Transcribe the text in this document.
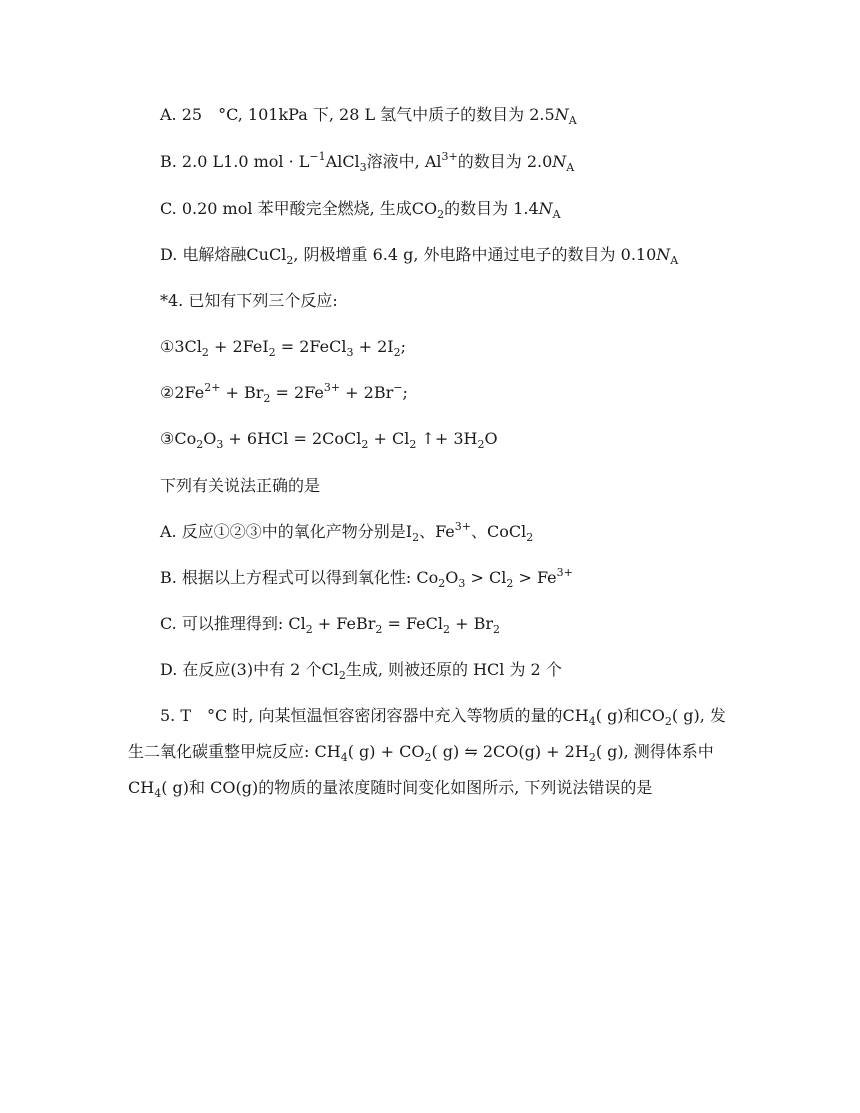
A. 25　°C, 101kPa 下, 28 L 氢气中质子的数目为 $2.5N_A$
B. 2.0 L1.0 mol · $L^{-1}AlCl_3$溶液中, $Al^{3+}$的数目为 $2.0N_A$
C. 0.20 mol 苯甲酸完全燃烧, 生成$CO_2$的数目为 $1.4N_A$
D. 电解熔融CuCl$_2$, 阴极增重 6.4 g, 外电路中通过电子的数目为 $0.10N_A$
*4. 已知有下列三个反应:
$①3Cl_2 + 2FeI_2$ = 2FeCl$_3$ + $2I_2$;
$②2Fe^{2+} + Br_2 = 2Fe^{3+} + 2Br^-$;
$③Co_2O_3 + 6HCl$ = 2CoCl$_2$ + $Cl_2$ ↑+ $3H_2O$
下列有关说法正确的是
A. 反应①②③中的氧化产物分别是$I_2$、$Fe^{3+}$、CoCl$_2$
B. 根据以上方程式可以得到氧化性: $Co_2O_3 > Cl_2 > Fe^{3+}$
C. 可以推理得到: $Cl_2$ + FeBr$_2$ = FeCl$_2$ + $Br_2$
D. 在反应(3)中有 2 个$Cl_2$生成, 则被还原的 HCl 为 2 个
5. T　°C 时, 向某恒温恒容密闭容器中充入等物质的量的$CH_4$( g)和$CO_2$( g), 发
生二氧化碳重整甲烷反应: $CH_4$( $g) + CO_2$( g) ⇋ $2CO(g) + 2H_2$( g), 测得体系中
$CH_4$( g)和 CO(g)的物质的量浓度随时间变化如图所示, 下列说法错误的是
